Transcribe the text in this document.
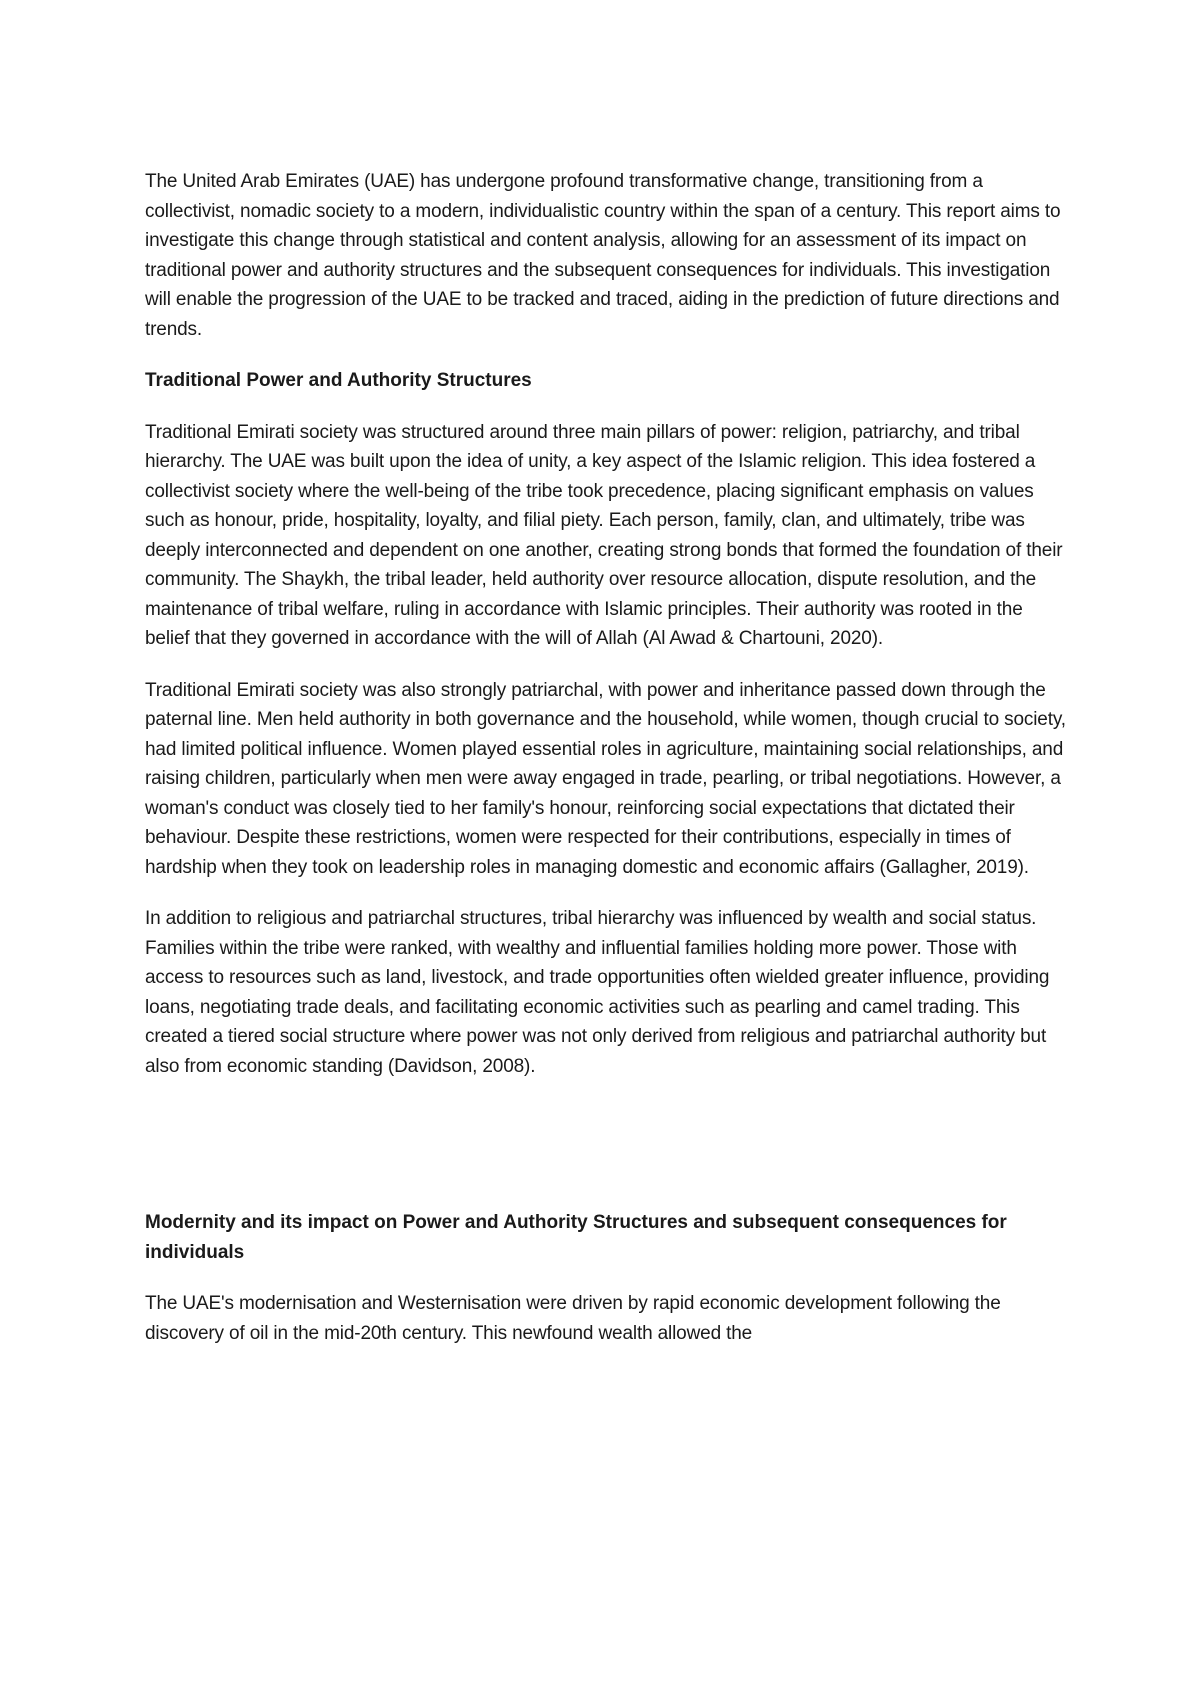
The United Arab Emirates (UAE) has undergone profound transformative change, transitioning from a collectivist, nomadic society to a modern, individualistic country within the span of a century. This report aims to investigate this change through statistical and content analysis, allowing for an assessment of its impact on traditional power and authority structures and the subsequent consequences for individuals. This investigation will enable the progression of the UAE to be tracked and traced, aiding in the prediction of future directions and trends.

Traditional Power and Authority Structures

Traditional Emirati society was structured around three main pillars of power: religion, patriarchy, and tribal hierarchy. The UAE was built upon the idea of unity, a key aspect of the Islamic religion. This idea fostered a collectivist society where the well-being of the tribe took precedence, placing significant emphasis on values such as honour, pride, hospitality, loyalty, and filial piety. Each person, family, clan, and ultimately, tribe was deeply interconnected and dependent on one another, creating strong bonds that formed the foundation of their community. The Shaykh, the tribal leader, held authority over resource allocation, dispute resolution, and the maintenance of tribal welfare, ruling in accordance with Islamic principles. Their authority was rooted in the belief that they governed in accordance with the will of Allah (Al Awad & Chartouni, 2020).

Traditional Emirati society was also strongly patriarchal, with power and inheritance passed down through the paternal line. Men held authority in both governance and the household, while women, though crucial to society, had limited political influence. Women played essential roles in agriculture, maintaining social relationships, and raising children, particularly when men were away engaged in trade, pearling, or tribal negotiations. However, a woman's conduct was closely tied to her family's honour, reinforcing social expectations that dictated their behaviour. Despite these restrictions, women were respected for their contributions, especially in times of hardship when they took on leadership roles in managing domestic and economic affairs (Gallagher, 2019).

In addition to religious and patriarchal structures, tribal hierarchy was influenced by wealth and social status. Families within the tribe were ranked, with wealthy and influential families holding more power. Those with access to resources such as land, livestock, and trade opportunities often wielded greater influence, providing loans, negotiating trade deals, and facilitating economic activities such as pearling and camel trading. This created a tiered social structure where power was not only derived from religious and patriarchal authority but also from economic standing (Davidson, 2008).

Modernity and its impact on Power and Authority Structures and subsequent consequences for individuals

The UAE's modernisation and Westernisation were driven by rapid economic development following the discovery of oil in the mid-20th century. This newfound wealth allowed the
